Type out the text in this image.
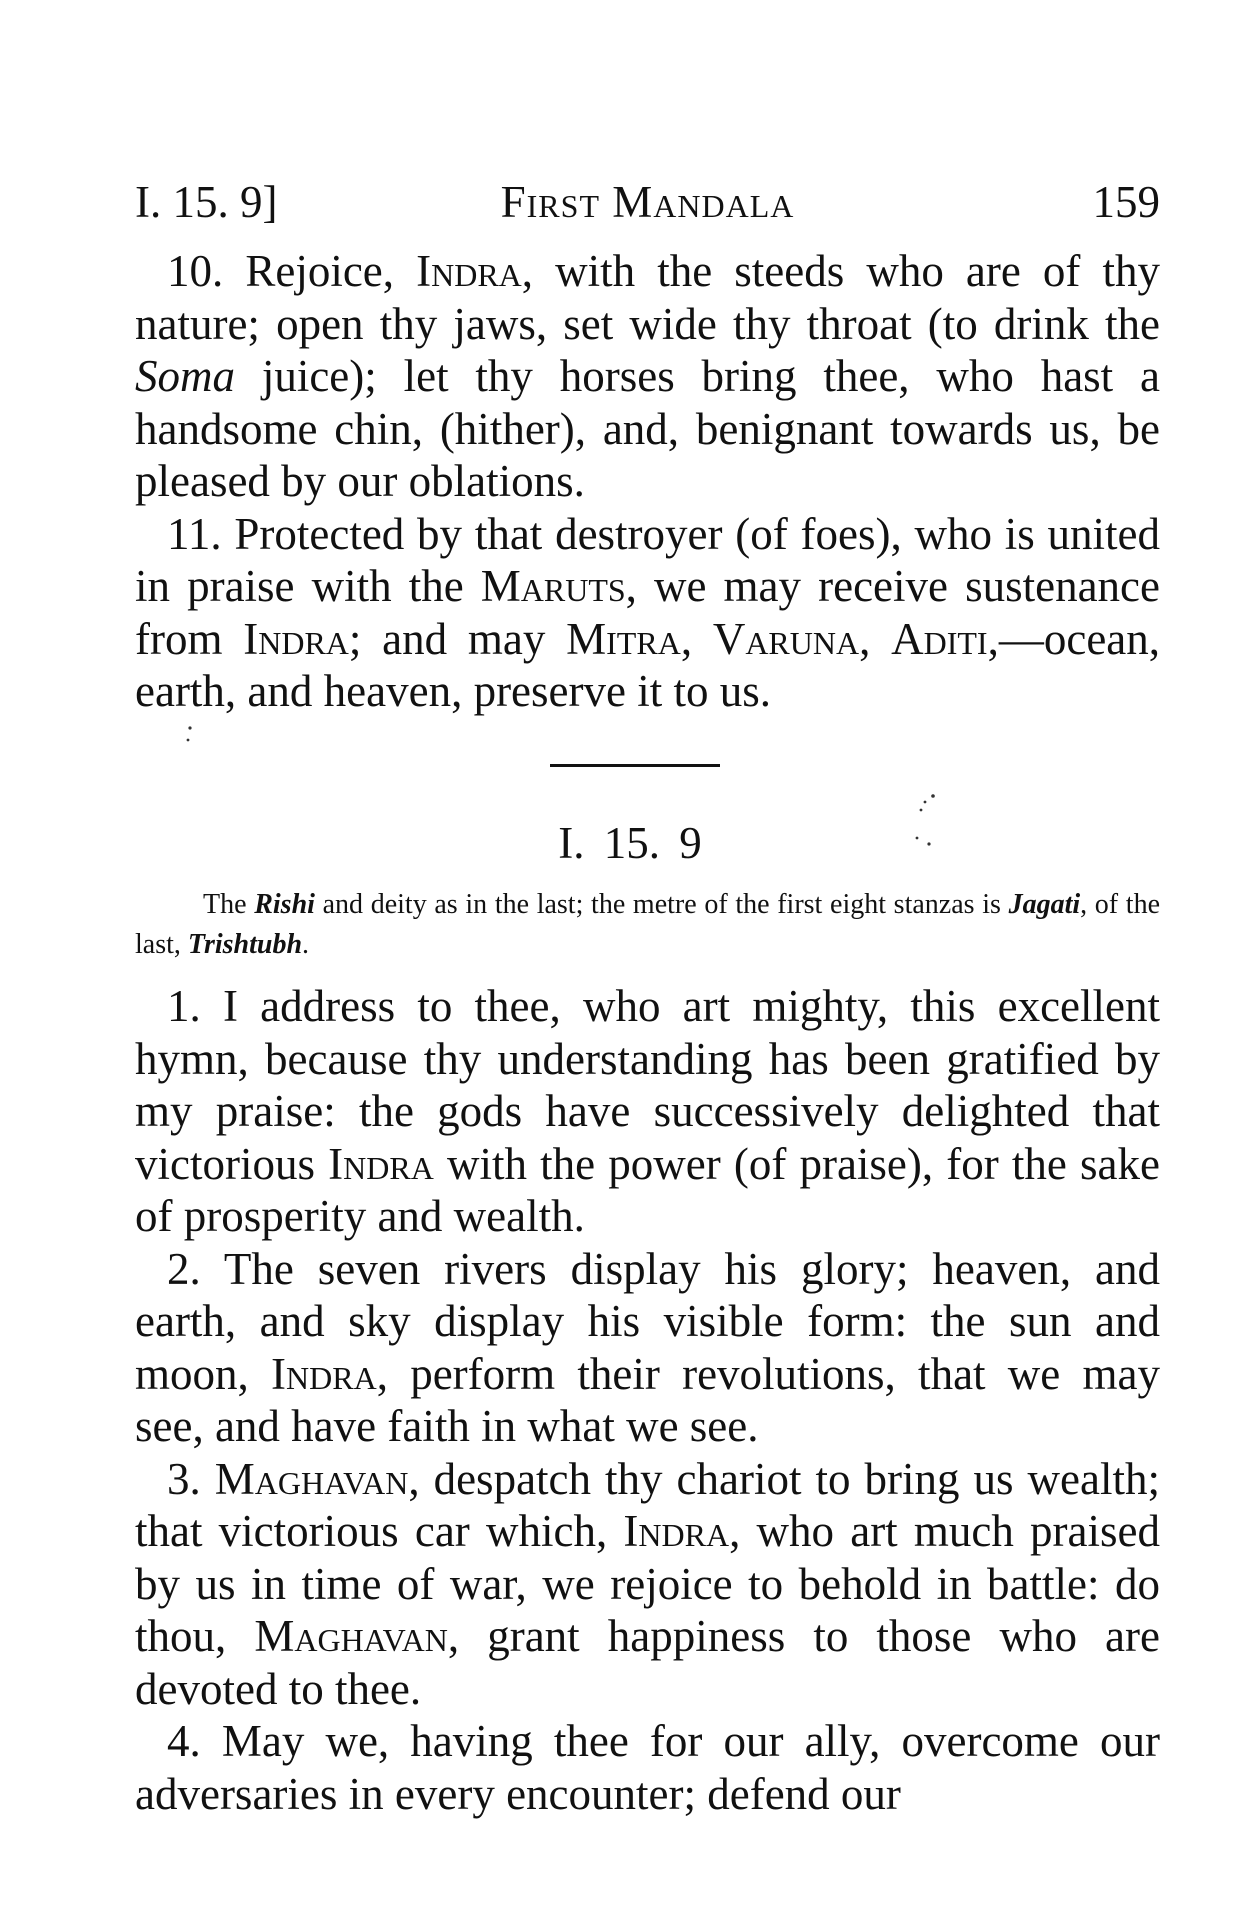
I. 15. 9]	First Mandala	159

10. Rejoice, Indra, with the steeds who are of thy nature; open thy jaws, set wide thy throat (to drink the Soma juice); let thy horses bring thee, who hast a handsome chin, (hither), and, benignant towards us, be pleased by our oblations.

11. Protected by that destroyer (of foes), who is united in praise with the Maruts, we may receive sustenance from Indra; and may Mitra, Varuna, Aditi,—ocean, earth, and heaven, preserve it to us.

I. 15. 9

The Rishi and deity as in the last; the metre of the first eight stanzas is Jagati, of the last, Trishtubh.

1. I address to thee, who art mighty, this excellent hymn, because thy understanding has been gratified by my praise: the gods have successively delighted that victorious Indra with the power (of praise), for the sake of prosperity and wealth.

2. The seven rivers display his glory; heaven, and earth, and sky display his visible form: the sun and moon, Indra, perform their revolutions, that we may see, and have faith in what we see.

3. Maghavan, despatch thy chariot to bring us wealth; that victorious car which, Indra, who art much praised by us in time of war, we rejoice to behold in battle: do thou, Maghavan, grant happiness to those who are devoted to thee.

4. May we, having thee for our ally, overcome our adversaries in every encounter; defend our
